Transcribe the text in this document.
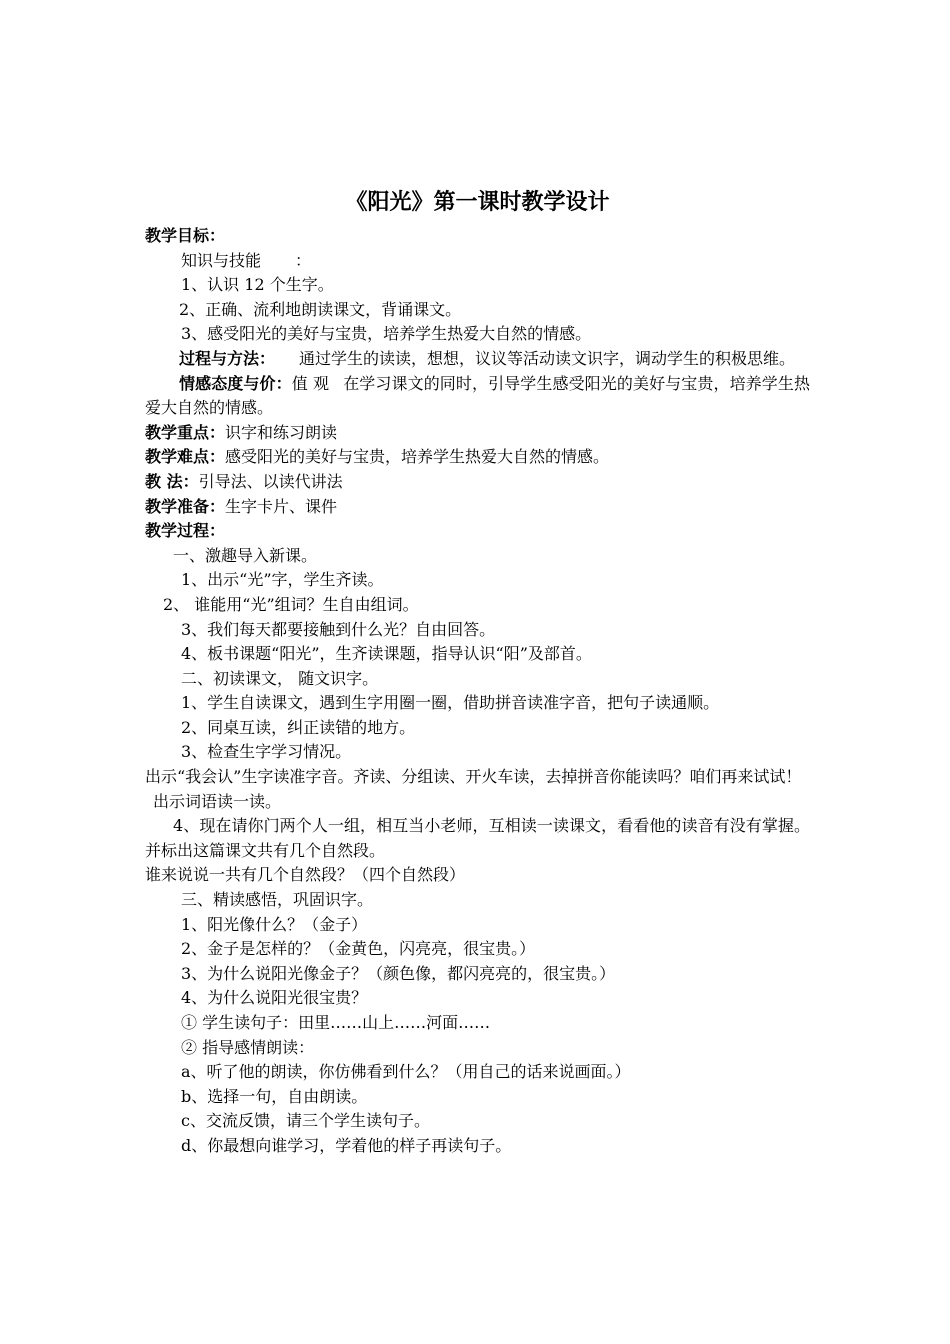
《阳光》第一课时教学设计

教学目标：

知识与技能 ：

1、认识 12 个生字。

2、正确、流利地朗读课文，背诵课文。

3、感受阳光的美好与宝贵，培养学生热爱大自然的情感。

过程与方法： 通过学生的读读，想想，议议等活动读文识字，调动学生的积极思维。

情感态度与价：值 观 在学习课文的同时，引导学生感受阳光的美好与宝贵，培养学生热爱大自然的情感。

教学重点：识字和练习朗读

教学难点：感受阳光的美好与宝贵，培养学生热爱大自然的情感。

教 法：引导法、以读代讲法

教学准备：生字卡片、课件

教学过程：

一、激趣导入新课。

1、出示“光”字，学生齐读。

2、 谁能用“光”组词？生自由组词。

3、我们每天都要接触到什么光？自由回答。

4、板书课题“阳光”，生齐读课题，指导认识“阳”及部首。

二、初读课文， 随文识字。

1、学生自读课文，遇到生字用圈一圈，借助拼音读准字音，把句子读通顺。

2、同桌互读，纠正读错的地方。

3、检查生字学习情况。

出示“我会认”生字读准字音。齐读、分组读、开火车读，去掉拼音你能读吗？咱们再来试试！

出示词语读一读。

4、现在请你门两个人一组，相互当小老师，互相读一读课文，看看他的读音有没有掌握。并标出这篇课文共有几个自然段。

谁来说说一共有几个自然段？（四个自然段）

三、精读感悟，巩固识字。

1、阳光像什么？（金子）

2、金子是怎样的？（金黄色，闪亮亮，很宝贵。）

3、为什么说阳光像金子？（颜色像，都闪亮亮的，很宝贵。）

4、为什么说阳光很宝贵？

① 学生读句子：田里……山上……河面……

② 指导感情朗读：

a、听了他的朗读，你仿佛看到什么？（用自己的话来说画面。）

b、选择一句，自由朗读。

c、交流反馈，请三个学生读句子。

d、你最想向谁学习，学着他的样子再读句子。
